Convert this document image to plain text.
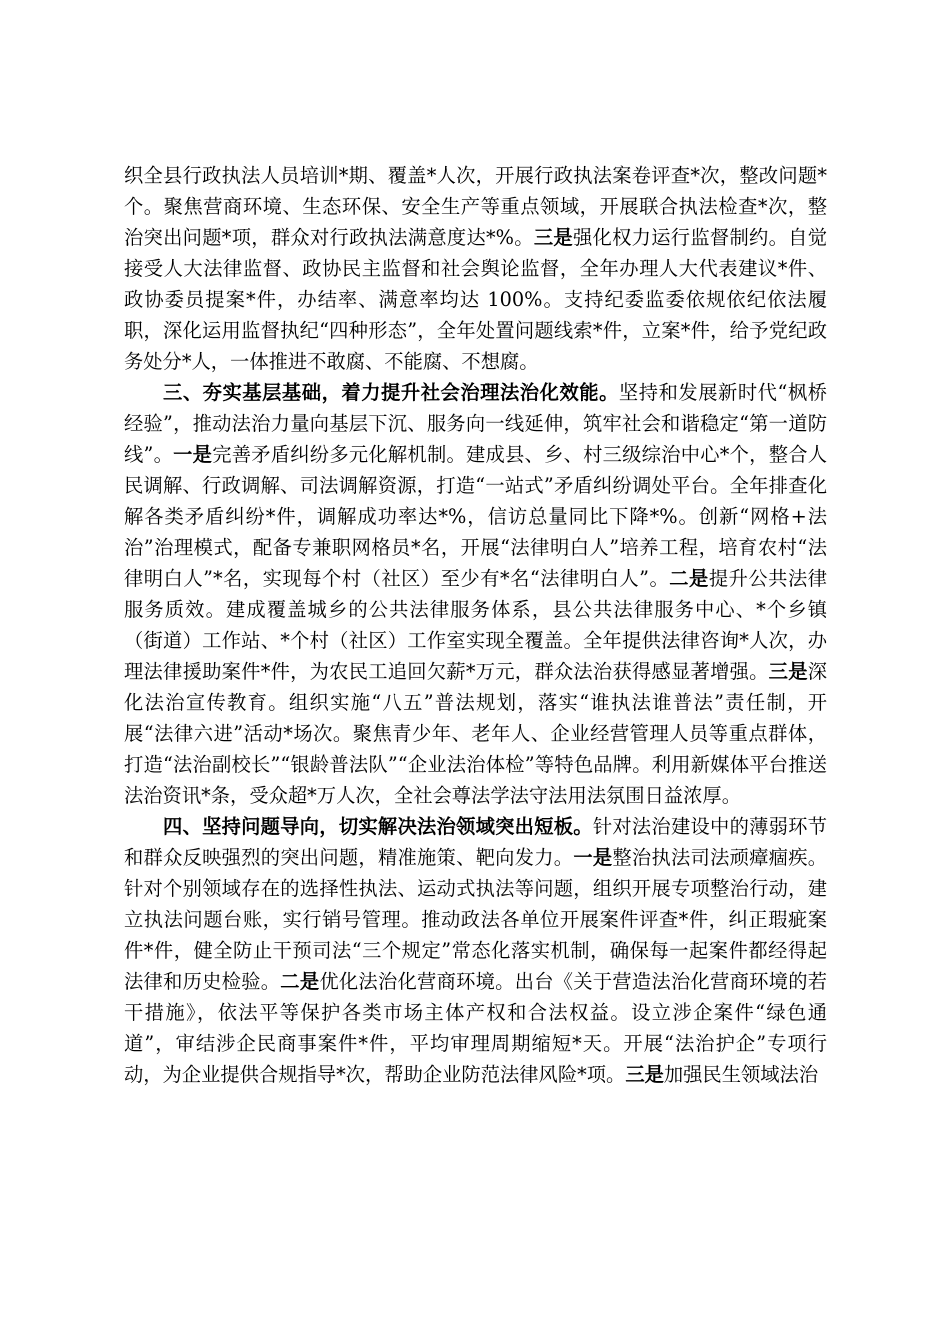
织全县行政执法人员培训*期、覆盖*人次，开展行政执法案卷评查*次，整改问题*个。聚焦营商环境、生态环保、安全生产等重点领域，开展联合执法检查*次，整治突出问题*项，群众对行政执法满意度达*%。三是强化权力运行监督制约。自觉接受人大法律监督、政协民主监督和社会舆论监督，全年办理人大代表建议*件、政协委员提案*件，办结率、满意率均达 100%。支持纪委监委依规依纪依法履职，深化运用监督执纪“四种形态”，全年处置问题线索*件，立案*件，给予党纪政务处分*人，一体推进不敢腐、不能腐、不想腐。

三、夯实基层基础，着力提升社会治理法治化效能。坚持和发展新时代“枫桥经验”，推动法治力量向基层下沉、服务向一线延伸，筑牢社会和谐稳定“第一道防线”。一是完善矛盾纠纷多元化解机制。建成县、乡、村三级综治中心*个，整合人民调解、行政调解、司法调解资源，打造“一站式”矛盾纠纷调处平台。全年排查化解各类矛盾纠纷*件，调解成功率达*%，信访总量同比下降*%。创新“网格+法治”治理模式，配备专兼职网格员*名，开展“法律明白人”培养工程，培育农村“法律明白人”*名，实现每个村（社区）至少有*名“法律明白人”。二是提升公共法律服务质效。建成覆盖城乡的公共法律服务体系，县公共法律服务中心、*个乡镇（街道）工作站、*个村（社区）工作室实现全覆盖。全年提供法律咨询*人次，办理法律援助案件*件，为农民工追回欠薪*万元，群众法治获得感显著增强。三是深化法治宣传教育。组织实施“八五”普法规划，落实“谁执法谁普法”责任制，开展“法律六进”活动*场次。聚焦青少年、老年人、企业经营管理人员等重点群体，打造“法治副校长”“银龄普法队”“企业法治体检”等特色品牌。利用新媒体平台推送法治资讯*条，受众超*万人次，全社会尊法学法守法用法氛围日益浓厚。

四、坚持问题导向，切实解决法治领域突出短板。针对法治建设中的薄弱环节和群众反映强烈的突出问题，精准施策、靶向发力。一是整治执法司法顽瘴痼疾。针对个别领域存在的选择性执法、运动式执法等问题，组织开展专项整治行动，建立执法问题台账，实行销号管理。推动政法各单位开展案件评查*件，纠正瑕疵案件*件，健全防止干预司法“三个规定”常态化落实机制，确保每一起案件都经得起法律和历史检验。二是优化法治化营商环境。出台《关于营造法治化营商环境的若干措施》，依法平等保护各类市场主体产权和合法权益。设立涉企案件“绿色通道”，审结涉企民商事案件*件，平均审理周期缩短*天。开展“法治护企”专项行动，为企业提供合规指导*次，帮助企业防范法律风险*项。三是加强民生领域法治
